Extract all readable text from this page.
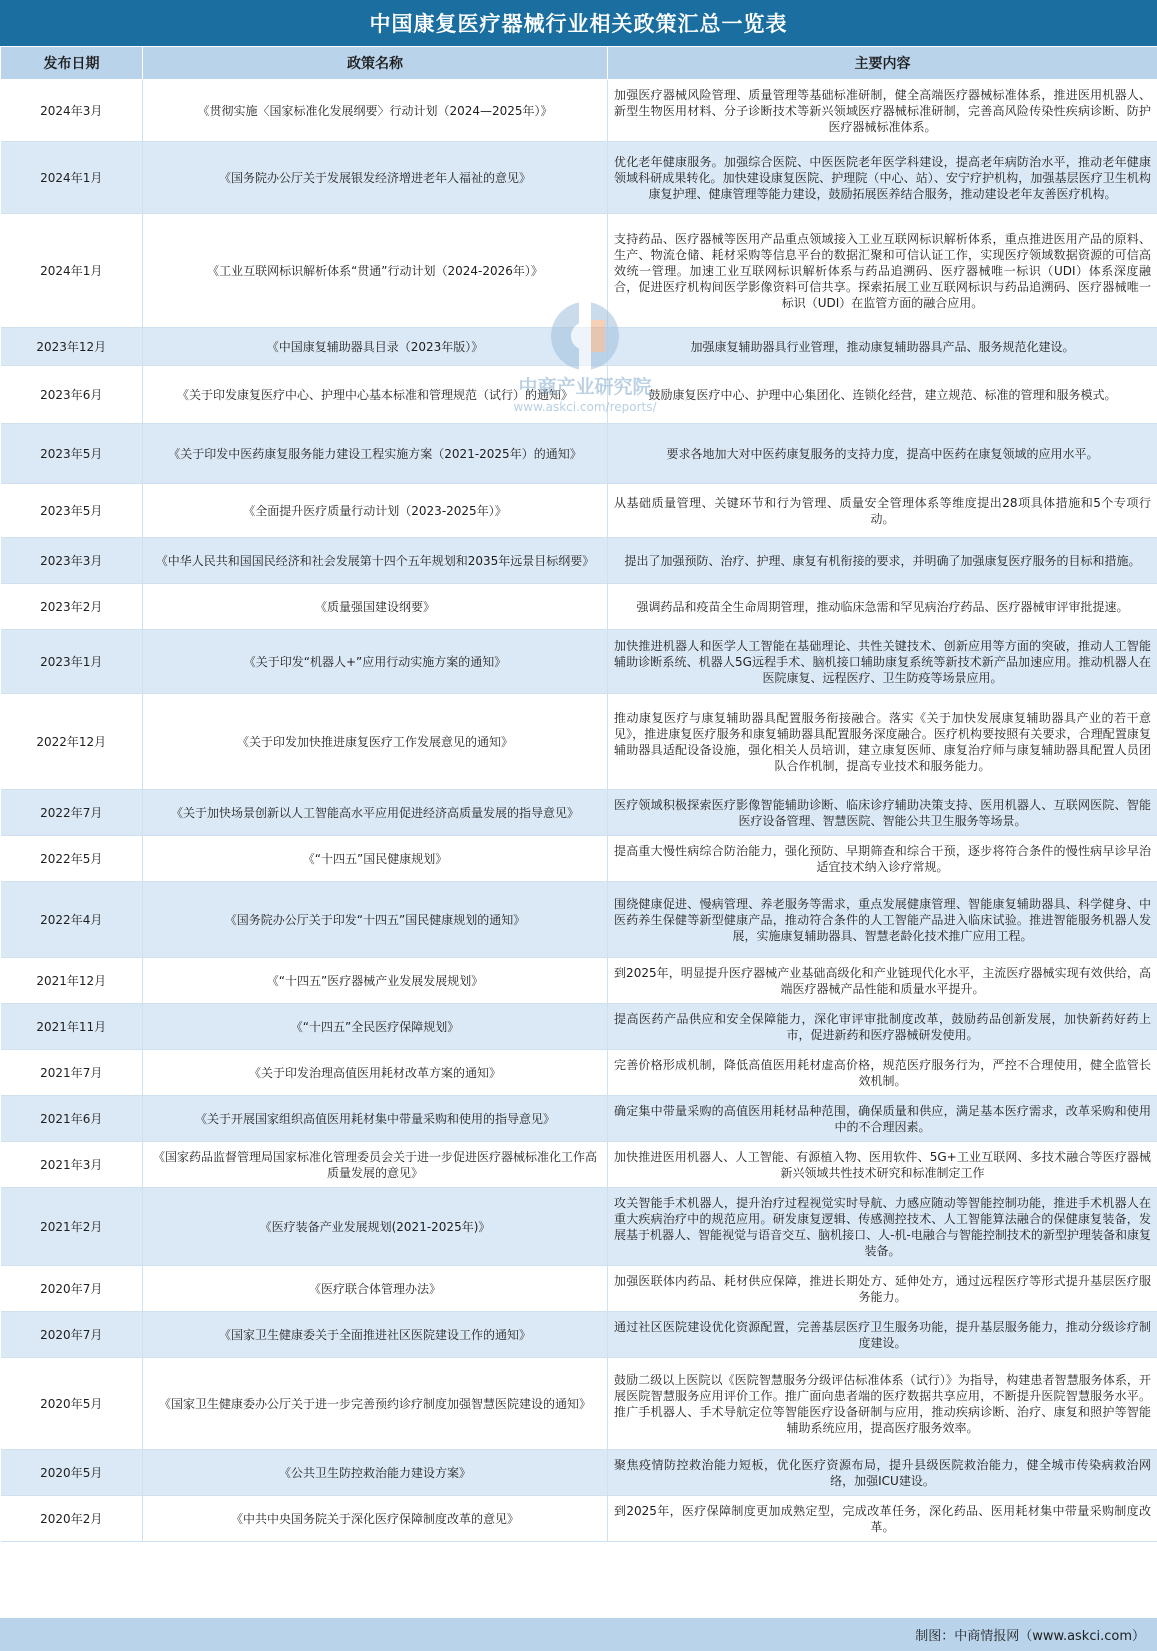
中国康复医疗器械行业相关政策汇总一览表
发布日期	政策名称	主要内容
2024年3月	《贯彻实施〈国家标准化发展纲要〉行动计划（2024—2025年）》	加强医疗器械风险管理、质量管理等基础标准研制，健全高端医疗器械标准体系，推进医用机器人、新型生物医用材料、分子诊断技术等新兴领域医疗器械标准研制，完善高风险传染性疾病诊断、防护医疗器械标准体系。
2024年1月	《国务院办公厅关于发展银发经济增进老年人福祉的意见》	优化老年健康服务。加强综合医院、中医医院老年医学科建设，提高老年病防治水平，推动老年健康领域科研成果转化。加快建设康复医院、护理院（中心、站）、安宁疗护机构，加强基层医疗卫生机构康复护理、健康管理等能力建设，鼓励拓展医养结合服务，推动建设老年友善医疗机构。
2024年1月	《工业互联网标识解析体系“贯通”行动计划（2024-2026年）》	支持药品、医疗器械等医用产品重点领域接入工业互联网标识解析体系，重点推进医用产品的原料、生产、物流仓储、耗材采购等信息平台的数据汇聚和可信认证工作，实现医疗领域数据资源的可信高效统一管理。加速工业互联网标识解析体系与药品追溯码、医疗器械唯一标识（UDI）体系深度融合，促进医疗机构间医学影像资料可信共享。探索拓展工业互联网标识与药品追溯码、医疗器械唯一标识（UDI）在监管方面的融合应用。
2023年12月	《中国康复辅助器具目录（2023年版）》	加强康复辅助器具行业管理，推动康复辅助器具产品、服务规范化建设。
2023年6月	《关于印发康复医疗中心、护理中心基本标准和管理规范（试行）的通知》	鼓励康复医疗中心、护理中心集团化、连锁化经营，建立规范、标准的管理和服务模式。
2023年5月	《关于印发中医药康复服务能力建设工程实施方案（2021-2025年）的通知》	要求各地加大对中医药康复服务的支持力度，提高中医药在康复领域的应用水平。
2023年5月	《全面提升医疗质量行动计划（2023-2025年）》	从基础质量管理、关键环节和行为管理、质量安全管理体系等维度提出28项具体措施和5个专项行动。
2023年3月	《中华人民共和国国民经济和社会发展第十四个五年规划和2035年远景目标纲要》	提出了加强预防、治疗、护理、康复有机衔接的要求，并明确了加强康复医疗服务的目标和措施。
2023年2月	《质量强国建设纲要》	强调药品和疫苗全生命周期管理，推动临床急需和罕见病治疗药品、医疗器械审评审批提速。
2023年1月	《关于印发“机器人+”应用行动实施方案的通知》	加快推进机器人和医学人工智能在基础理论、共性关键技术、创新应用等方面的突破，推动人工智能辅助诊断系统、机器人5G远程手术、脑机接口辅助康复系统等新技术新产品加速应用。推动机器人在医院康复、远程医疗、卫生防疫等场景应用。
2022年12月	《关于印发加快推进康复医疗工作发展意见的通知》	推动康复医疗与康复辅助器具配置服务衔接融合。落实《关于加快发展康复辅助器具产业的若干意见》，推进康复医疗服务和康复辅助器具配置服务深度融合。医疗机构要按照有关要求，合理配置康复辅助器具适配设备设施，强化相关人员培训，建立康复医师、康复治疗师与康复辅助器具配置人员团队合作机制，提高专业技术和服务能力。
2022年7月	《关于加快场景创新以人工智能高水平应用促进经济高质量发展的指导意见》	医疗领域积极探索医疗影像智能辅助诊断、临床诊疗辅助决策支持、医用机器人、互联网医院、智能医疗设备管理、智慧医院、智能公共卫生服务等场景。
2022年5月	《“十四五”国民健康规划》	提高重大慢性病综合防治能力，强化预防、早期筛查和综合干预，逐步将符合条件的慢性病早诊早治适宜技术纳入诊疗常规。
2022年4月	《国务院办公厅关于印发“十四五”国民健康规划的通知》	围绕健康促进、慢病管理、养老服务等需求，重点发展健康管理、智能康复辅助器具、科学健身、中医药养生保健等新型健康产品，推动符合条件的人工智能产品进入临床试验。推进智能服务机器人发展，实施康复辅助器具、智慧老龄化技术推广应用工程。
2021年12月	《“十四五”医疗器械产业发展发展规划》	到2025年，明显提升医疗器械产业基础高级化和产业链现代化水平，主流医疗器械实现有效供给，高端医疗器械产品性能和质量水平提升。
2021年11月	《“十四五”全民医疗保障规划》	提高医药产品供应和安全保障能力，深化审评审批制度改革，鼓励药品创新发展，加快新药好药上市，促进新药和医疗器械研发使用。
2021年7月	《关于印发治理高值医用耗材改革方案的通知》	完善价格形成机制，降低高值医用耗材虚高价格，规范医疗服务行为，严控不合理使用，健全监管长效机制。
2021年6月	《关于开展国家组织高值医用耗材集中带量采购和使用的指导意见》	确定集中带量采购的高值医用耗材品种范围，确保质量和供应，满足基本医疗需求，改革采购和使用中的不合理因素。
2021年3月	《国家药品监督管理局国家标准化管理委员会关于进一步促进医疗器械标准化工作高质量发展的意见》	加快推进医用机器人、人工智能、有源植入物、医用软件、5G+工业互联网、多技术融合等医疗器械新兴领域共性技术研究和标准制定工作
2021年2月	《医疗装备产业发展规划(2021-2025年)》	攻关智能手术机器人，提升治疗过程视觉实时导航、力感应随动等智能控制功能，推进手术机器人在重大疾病治疗中的规范应用。研发康复逻辑、传感测控技术、人工智能算法融合的保健康复装备，发展基于机器人、智能视觉与语音交互、脑机接口、人-机-电融合与智能控制技术的新型护理装备和康复装备。
2020年7月	《医疗联合体管理办法》	加强医联体内药品、耗材供应保障，推进长期处方、延伸处方，通过远程医疗等形式提升基层医疗服务能力。
2020年7月	《国家卫生健康委关于全面推进社区医院建设工作的通知》	通过社区医院建设优化资源配置，完善基层医疗卫生服务功能，提升基层服务能力，推动分级诊疗制度建设。
2020年5月	《国家卫生健康委办公厅关于进一步完善预约诊疗制度加强智慧医院建设的通知》	鼓励二级以上医院以《医院智慧服务分级评估标准体系（试行）》为指导，构建患者智慧服务体系，开展医院智慧服务应用评价工作。推广面向患者端的医疗数据共享应用，不断提升医院智慧服务水平。推广手机器人、手术导航定位等智能医疗设备研制与应用，推动疾病诊断、治疗、康复和照护等智能辅助系统应用，提高医疗服务效率。
2020年5月	《公共卫生防控救治能力建设方案》	聚焦疫情防控救治能力短板，优化医疗资源布局，提升县级医院救治能力，健全城市传染病救治网络，加强ICU建设。
2020年2月	《中共中央国务院关于深化医疗保障制度改革的意见》	到2025年，医疗保障制度更加成熟定型，完成改革任务，深化药品、医用耗材集中带量采购制度改革。
中商产业研究院
www.askci.com/reports/
制图：中商情报网（www.askci.com）
